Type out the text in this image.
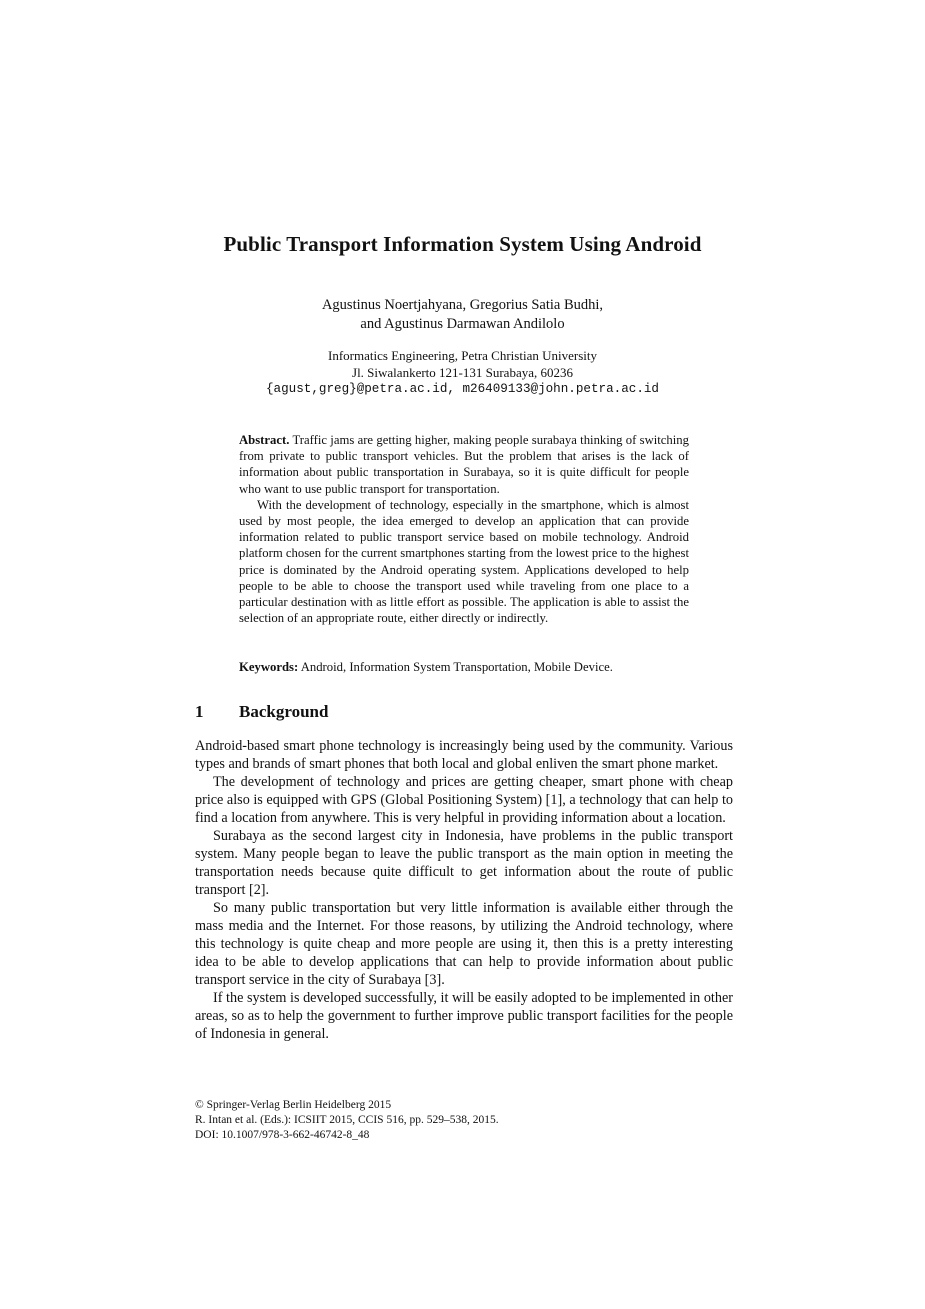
Public Transport Information System Using Android
Agustinus Noertjahyana, Gregorius Satia Budhi,
and Agustinus Darmawan Andilolo
Informatics Engineering, Petra Christian University
Jl. Siwalankerto 121-131 Surabaya, 60236
{agust,greg}@petra.ac.id, m26409133@john.petra.ac.id

Abstract. Traffic jams are getting higher, making people surabaya thinking of switching from private to public transport vehicles. But the problem that arises is the lack of information about public transportation in Surabaya, so it is quite difficult for people who want to use public transport for transportation.

With the development of technology, especially in the smartphone, which is almost used by most people, the idea emerged to develop an application that can provide information related to public transport service based on mobile technology. Android platform chosen for the current smartphones starting from the lowest price to the highest price is dominated by the Android operating system. Applications developed to help people to be able to choose the transport used while traveling from one place to a particular destination with as little effort as possible. The application is able to assist the selection of an appropriate route, either directly or indirectly.

Keywords: Android, Information System Transportation, Mobile Device.
1 Background

Android-based smart phone technology is increasingly being used by the community. Various types and brands of smart phones that both local and global enliven the smart phone market.

The development of technology and prices are getting cheaper, smart phone with cheap price also is equipped with GPS (Global Positioning System) [1], a technology that can help to find a location from anywhere. This is very helpful in providing information about a location.

Surabaya as the second largest city in Indonesia, have problems in the public transport system. Many people began to leave the public transport as the main option in meeting the transportation needs because quite difficult to get information about the route of public transport [2].

So many public transportation but very little information is available either through the mass media and the Internet. For those reasons, by utilizing the Android technology, where this technology is quite cheap and more people are using it, then this is a pretty interesting idea to be able to develop applications that can help to provide information about public transport service in the city of Surabaya [3].

If the system is developed successfully, it will be easily adopted to be implemented in other areas, so as to help the government to further improve public transport facilities for the people of Indonesia in general.

© Springer-Verlag Berlin Heidelberg 2015
R. Intan et al. (Eds.): ICSIIT 2015, CCIS 516, pp. 529–538, 2015.
DOI: 10.1007/978-3-662-46742-8_48
